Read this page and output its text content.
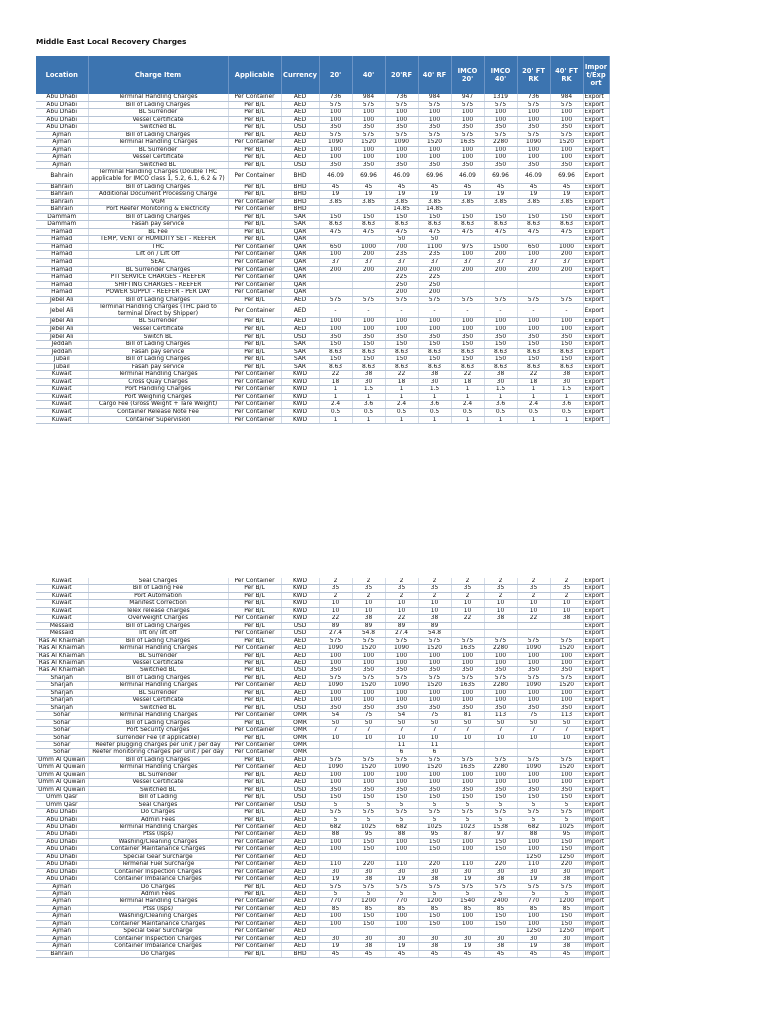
Middle East Local Recovery Charges
Location	Charge Item	Applicable	Currency	20'	40'	20'RF	40' RF	IMCO 20'	IMCO 40'	20' FT RK	40' FT RK	Impor t/Exp ort
Abu Dhabi	Terminal Handling Charges	Per Container	AED	736	984	736	984	947	1319	736	984	Export
Abu Dhabi	Bill of Lading Charges	Per B/L	AED	575	575	575	575	575	575	575	575	Export
Abu Dhabi	BL Surrender	Per B/L	AED	100	100	100	100	100	100	100	100	Export
Abu Dhabi	Vessel Certificate	Per B/L	AED	100	100	100	100	100	100	100	100	Export
Abu Dhabi	Switched BL	Per B/L	USD	350	350	350	350	350	350	350	350	Export
Ajman	Bill of Lading Charges	Per B/L	AED	575	575	575	575	575	575	575	575	Export
Ajman	Terminal Handling Charges	Per Container	AED	1090	1520	1090	1520	1635	2280	1090	1520	Export
Ajman	BL Surrender	Per B/L	AED	100	100	100	100	100	100	100	100	Export
Ajman	Vessel Certificate	Per B/L	AED	100	100	100	100	100	100	100	100	Export
Ajman	Switched BL	Per B/L	USD	350	350	350	350	350	350	350	350	Export
Bahrain	Terminal Handling Charges (Double THC applicable for IMCO class 1, 5.2, 6.1, 6.2 & 7)	Per Container	BHD	46.09	69.96	46.09	69.96	46.09	69.96	46.09	69.96	Export
Bahrain	Bill of Lading Charges	Per B/L	BHD	45	45	45	45	45	45	45	45	Export
Bahrain	Additional Document Processing Charge	Per B/L	BHD	19	19	19	19	19	19	19	19	Export
Bahrain	VGM	Per Container	BHD	3.85	3.85	3.85	3.85	3.85	3.85	3.85	3.85	Export
Bahrain	Port Reefer Monitoring & Electricity	Per Container	BHD			14.85	14.85					Export
Dammam	Bill of Lading Charges	Per B/L	SAR	150	150	150	150	150	150	150	150	Export
Dammam	Fasah pay service	Per B/L	SAR	8.63	8.63	8.63	8.63	8.63	8.63	8.63	8.63	Export
Hamad	BL Fee	Per B/L	QAR	475	475	475	475	475	475	475	475	Export
Hamad	TEMP, VENT or HUMIDITY SET - REEFER	Per B/L	QAR			50	50					Export
Hamad	THC	Per Container	QAR	650	1000	700	1100	975	1500	650	1000	Export
Hamad	Lift on / Lift Off	Per Container	QAR	100	200	235	235	100	200	100	200	Export
Hamad	SEAL	Per Container	QAR	37	37	37	37	37	37	37	37	Export
Hamad	BL Surrender Charges	Per Container	QAR	200	200	200	200	200	200	200	200	Export
Hamad	PTI SERVICE CHARGES - REEFER	Per Container	QAR			225	225					Export
Hamad	SHIFTING CHARGES - REEFER	Per Container	QAR			250	250					Export
Hamad	POWER SUPPLY - REEFER - PER DAY	Per Container	QAR			200	200					Export
Jebel Ali	Bill of Lading Charges	Per B/L	AED	575	575	575	575	575	575	575	575	Export
Jebel Ali	Terminal Handling Charges (THC paid to terminal Direct by Shipper)	Per Container	AED	-	-	-	-	-	-	-	-	Export
Jebel Ali	BL Surrender	Per B/L	AED	100	100	100	100	100	100	100	100	Export
Jebel Ali	Vessel Certificate	Per B/L	AED	100	100	100	100	100	100	100	100	Export
Jebel Ali	Switch BL	Per B/L	USD	350	350	350	350	350	350	350	350	Export
Jeddah	Bill of Lading Charges	Per B/L	SAR	150	150	150	150	150	150	150	150	Export
Jeddah	Fasah pay service	Per B/L	SAR	8.63	8.63	8.63	8.63	8.63	8.63	8.63	8.63	Export
Jubail	Bill of Lading Charges	Per B/L	SAR	150	150	150	150	150	150	150	150	Export
Jubail	Fasah pay service	Per B/L	SAR	8.63	8.63	8.63	8.63	8.63	8.63	8.63	8.63	Export
Kuwait	Terminal Handling Charges	Per Container	KWD	22	38	22	38	22	38	22	38	Export
Kuwait	Cross Quay Charges	Per Container	KWD	18	30	18	30	18	30	18	30	Export
Kuwait	Port Handling Charges	Per Container	KWD	1	1.5	1	1.5	1	1.5	1	1.5	Export
Kuwait	Port Weighing Charges	Per Container	KWD	1	1	1	1	1	1	1	1	Export
Kuwait	Cargo Fee (Gross Weight + Tare Weight)	Per Container	KWD	2.4	3.6	2.4	3.6	2.4	3.6	2.4	3.6	Export
Kuwait	Container Release Note Fee	Per Container	KWD	0.5	0.5	0.5	0.5	0.5	0.5	0.5	0.5	Export
Kuwait	Container Supervision	Per Container	KWD	1	1	1	1	1	1	1	1	Export
Kuwait	Seal Charges	Per Container	KWD	2	2	2	2	2	2	2	2	Export
Kuwait	Bill of Lading Fee	Per B/L	KWD	35	35	35	35	35	35	35	35	Export
Kuwait	Port Automation	Per B/L	KWD	2	2	2	2	2	2	2	2	Export
Kuwait	Manifest Correction	Per B/L	KWD	10	10	10	10	10	10	10	10	Export
Kuwait	Telex release charges	Per B/L	KWD	10	10	10	10	10	10	10	10	Export
Kuwait	Overweight Charges	Per Container	KWD	22	38	22	38	22	38	22	38	Export
Messaid	Bill of Lading Charges	Per B/L	USD	89	89	89	89					Export
Messaid	lift on/ lift off	Per Container	USD	27.4	54.8	27.4	54.8					Export
Ras Al Khaimah	Bill of Lading Charges	Per B/L	AED	575	575	575	575	575	575	575	575	Export
Ras Al Khaimah	Terminal Handling Charges	Per Container	AED	1090	1520	1090	1520	1635	2280	1090	1520	Export
Ras Al Khaimah	BL Surrender	Per B/L	AED	100	100	100	100	100	100	100	100	Export
Ras Al Khaimah	Vessel Certificate	Per B/L	AED	100	100	100	100	100	100	100	100	Export
Ras Al Khaimah	Switched BL	Per B/L	USD	350	350	350	350	350	350	350	350	Export
Sharjah	Bill of Lading Charges	Per B/L	AED	575	575	575	575	575	575	575	575	Export
Sharjah	Terminal Handling Charges	Per Container	AED	1090	1520	1090	1520	1635	2280	1090	1520	Export
Sharjah	BL Surrender	Per B/L	AED	100	100	100	100	100	100	100	100	Export
Sharjah	Vessel Certificate	Per B/L	AED	100	100	100	100	100	100	100	100	Export
Sharjah	Switched BL	Per B/L	USD	350	350	350	350	350	350	350	350	Export
Sohar	Terminal Handling Charges	Per Container	OMR	54	75	54	75	81	113	75	113	Export
Sohar	Bill of Lading Charges	Per B/L	OMR	50	50	50	50	50	50	50	50	Export
Sohar	Port Security charges	Per Container	OMR	7	7	7	7	7	7	7	7	Export
Sohar	surrender Fee (if applicable)	Per B/L	OMR	10	10	10	10	10	10	10	10	Export
Sohar	Reefer plugging charges per unit / per day	Per Container	OMR			11	11					Export
Sohar	Reefer monitoring charges per unit / per day	Per Container	OMR			6	6					Export
Umm Al Quwain	Bill of Lading Charges	Per B/L	AED	575	575	575	575	575	575	575	575	Export
Umm Al Quwain	Terminal Handling Charges	Per Container	AED	1090	1520	1090	1520	1635	2280	1090	1520	Export
Umm Al Quwain	BL Surrender	Per B/L	AED	100	100	100	100	100	100	100	100	Export
Umm Al Quwain	Vessel Certificate	Per B/L	AED	100	100	100	100	100	100	100	100	Export
Umm Al Quwain	Switched BL	Per B/L	USD	350	350	350	350	350	350	350	350	Export
Umm Qasr	Bill of Lading	Per B/L	USD	150	150	150	150	150	150	150	150	Export
Umm Qasr	Seal Charges	Per Container	USD	5	5	5	5	5	5	5	5	Export
Abu Dhabi	Do Charges	Per B/L	AED	575	575	575	575	575	575	575	575	Import
Abu Dhabi	Admin Fees	Per B/L	AED	5	5	5	5	5	5	5	5	Import
Abu Dhabi	Terminal Handling Charges	Per Container	AED	682	1025	682	1025	1023	1538	682	1025	Import
Abu Dhabi	Ptss (Isps)	Per Container	AED	88	95	88	95	87	97	88	95	Import
Abu Dhabi	Washing/Cleaning Charges	Per Container	AED	100	150	100	150	100	150	100	150	Import
Abu Dhabi	Container Maintanance Charges	Per Container	AED	100	150	100	150	100	150	100	150	Import
Abu Dhabi	Special Gear Surcharge	Per Container	AED							1250	1250	Import
Abu Dhabi	Termenal Fuel Surcharge	Per Container	AED	110	220	110	220	110	220	110	220	Import
Abu Dhabi	Container Inspection Charges	Per Container	AED	30	30	30	30	30	30	30	30	Import
Abu Dhabi	Container Imbalance Charges	Per Container	AED	19	38	19	38	19	38	19	38	Import
Ajman	Do Charges	Per B/L	AED	575	575	575	575	575	575	575	575	Import
Ajman	Admin Fees	Per B/L	AED	5	5	5	5	5	5	5	5	Import
Ajman	Terminal Handling Charges	Per Container	AED	770	1200	770	1200	1540	2400	770	1200	Import
Ajman	Ptss (Isps)	Per Container	AED	85	85	85	85	85	85	85	85	Import
Ajman	Washing/Cleaning Charges	Per Container	AED	100	150	100	150	100	150	100	150	Import
Ajman	Container Maintanance Charges	Per Container	AED	100	150	100	150	100	150	100	150	Import
Ajman	Special Gear Surcharge	Per Container	AED							1250	1250	Import
Ajman	Container Inspection Charges	Per Container	AED	30	30	30	30	30	30	30	30	Import
Ajman	Container Imbalance Charges	Per Container	AED	19	38	19	38	19	38	19	38	Import
Bahrain	Do Charges	Per B/L	BHD	45	45	45	45	45	45	45	45	Import
